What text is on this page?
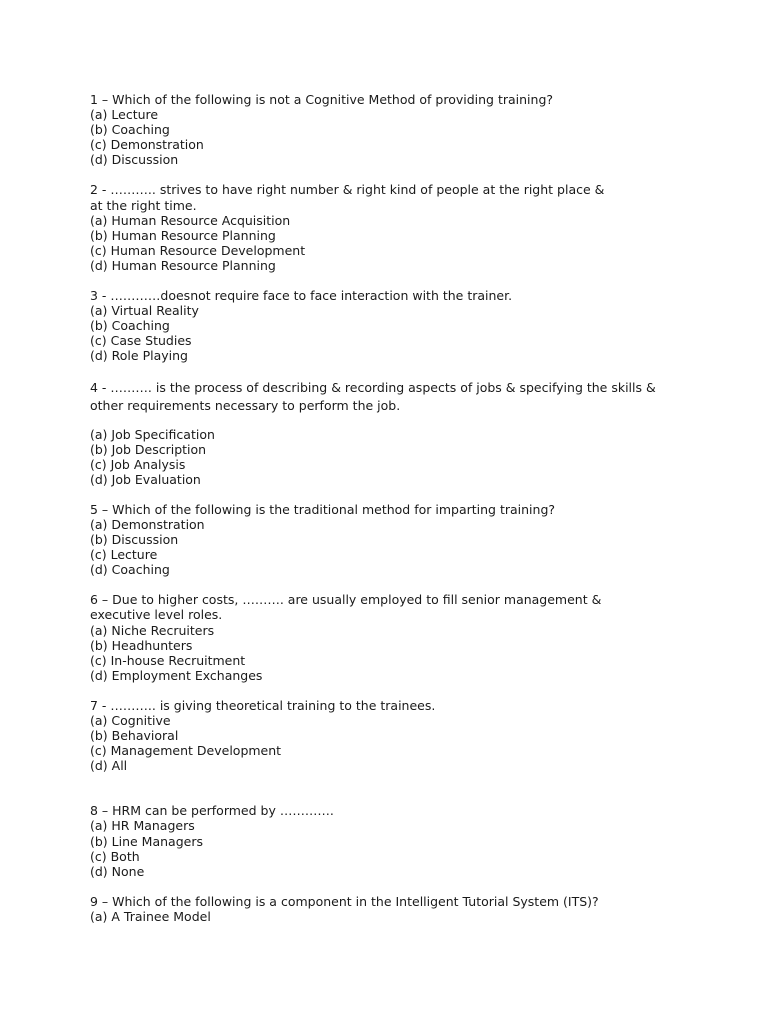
1 – Which of the following is not a Cognitive Method of providing training?
(a) Lecture
(b) Coaching
(c) Demonstration
(d) Discussion
2 - ……….. strives to have right number & right kind of people at the right place &
at the right time.
(a) Human Resource Acquisition
(b) Human Resource Planning
(c) Human Resource Development
(d) Human Resource Planning
3 - …………doesnot require face to face interaction with the trainer.
(a) Virtual Reality
(b) Coaching
(c) Case Studies
(d) Role Playing
4 - ………. is the process of describing & recording aspects of jobs & specifying the skills &
other requirements necessary to perform the job.
(a) Job Specification
(b) Job Description
(c) Job Analysis
(d) Job Evaluation
5 – Which of the following is the traditional method for imparting training?
(a) Demonstration
(b) Discussion
(c) Lecture
(d) Coaching
6 – Due to higher costs, ………. are usually employed to fill senior management &
executive level roles.
(a) Niche Recruiters
(b) Headhunters
(c) In-house Recruitment
(d) Employment Exchanges
7 - ……….. is giving theoretical training to the trainees.
(a) Cognitive
(b) Behavioral
(c) Management Development
(d) All
8 – HRM can be performed by ………….
(a) HR Managers
(b) Line Managers
(c) Both
(d) None
9 – Which of the following is a component in the Intelligent Tutorial System (ITS)?
(a) A Trainee Model
